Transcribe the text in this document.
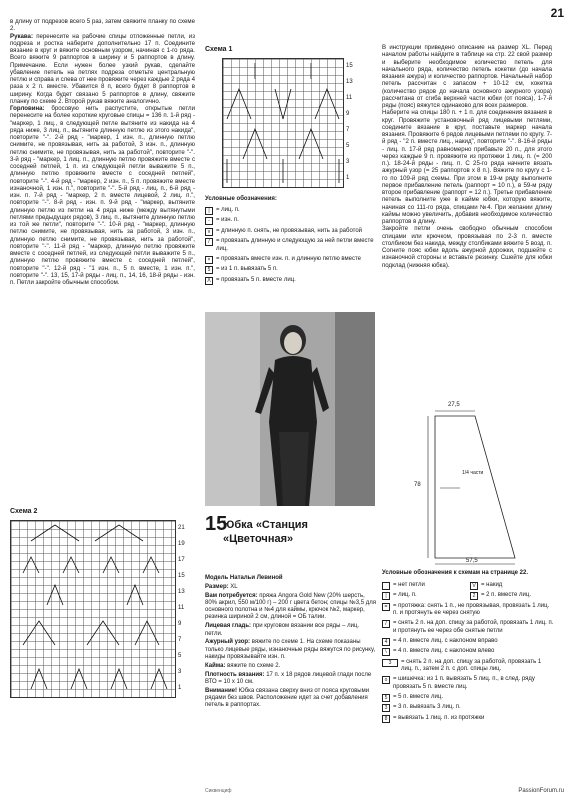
21

в длину от подрезов всего 5 раз, затем свяжите планку по схеме 2.

Рукава: перенесите на рабочие спицы отложенные петли, из подреза и ростка наберите дополнительно 17 п. Соедините вязание в круг и вяжите основным узором, начиная с 1-го ряда. Всего вяжите 9 раппортов в ширину и 5 раппортов в длину. Примечание. Если нужен более узкий рукав, сделайте убавление петель на петлях подреза отметьте центральную петлю и справа и слева от нее провяжите через каждые 2 ряда 4 раза х 2 п. вместе. Убавится 8 п, всего будет 8 раппортов в ширину. Когда будет связано 5 раппортов в длину, свяжите планку по схеме 2. Второй рукав вяжите аналогично.

Горловина: бросовую нить распустите, открытые петли перенесите на более короткие круговые спицы = 136 п. 1-й ряд - "маркер, 1 лиц., в следующей петле вытяните из накида на 4 ряда ниже, 3 лиц. п., вытяните длинную петлю из этого накида", повторите "-". 2-й ряд - "маркер, 1 изн. п., длинную петлю снимите, не провязывая, нить за работой, 3 изн. п., длинную петлю снимите, не провязывая, нить за работой", повторите "-". 3-й ряд - "маркер, 1 лиц. п., длинную петлю провяжите вместе с соседней петлей, 1 п. из следующей петли выважите 5 п., длинную петлю провяжите вместе с соседней петлей", повторите "-". 4-й ряд - "маркер, 2 изн. п., 5 п. провяжите вместе изнаночной, 1 изн. п.", повторите "-". 5-й ряд - лиц. п., 6-й ряд - изн. п. 7-й ряд - "маркер, 2 п. вместе лицевой, 2 лиц. п.", повторите "-". 8-й ряд - изн. п. 9-й ряд - "маркер, вытяните длинную петлю из петли на 4 ряда ниже (между вытянутыми петлями предыдущих рядов), 3 лиц. п., вытяните длинную петлю из той же петли", повторите "-". 10-й ряд - "маркер, длинную петлю снимите, не провязывая, нить за работой, 3 изн. п., длинную петлю снимите, не провязывая, нить за работой", повторите "-". 11-й ряд - "маркер, длинную петлю провяжите вместе с соседней петлей, из следующей петли выважите 5 п., длинную петлю провяжите вместе с соседней петлей", повторите "-". 12-й ряд - "1 изн. п., 5 п. вместе, 1 изн. п.", повторите "-". 13, 15, 17-й ряды - лиц. п., 14, 16, 18-й ряды - изн. п. Петли закройте обычным способом.

Схема 1
15
13
11
9
7
5
3
1
Условные обозначения:
|	= лиц. п.
-	= изн. п.
v = длинную п. снять, не провязывая, нить за работой
/	= провязать длинную и следующую за ней петли вместе лиц.
× = провязать вместе изн. п. и длинную петлю вместе
5 = из 1 п. вывязать 5 п.
Λ = провязать 5 п. вместе лиц.
15
Юбка «Станция
«Цветочная»

Модель Натальи Левиной

Размер: XL

Вам потребуется: пряжа Angora Gold New (20% шерсть, 80% акрил, 550 м/100 г) – 200 г цвета бетон; спицы №3,5 для основного полотна и №4 для каймы, крючок №2, маркер, резинка шириной 2 см, длиной = ОБ талии.

Лицевая гладь: при круговом вязании все ряды – лиц. петли.

Ажурный узор: вяжите по схеме 1. На схеме показаны только лицевые ряды, изнаночные ряды вяжутся по рисунку, накиды провязывайте изн. п.

Кайма: вяжите по схеме 2.

Плотность вязания: 17 п. x 18 рядов лицевой глади после ВТО = 10 x 10 см.

Внимание! Юбка связана сверху вниз от пояса круговыми рядами без швов. Расположение идет за счет добавления петель в раппортах.

Схема 2
21
19
17
15
13
11
9
7
5
3
1

В инструкции приведено описание на размер XL. Перед началом работы найдите в таблице на стр. 22 свой размер и выберите необходимое количество петель для начального ряда, количество петель кокетки (до начала вязания ажура) и количество раппортов. Начальный набор петель рассчитан с запасом + 10-12 см, кокетка (количество рядов до начала основного ажурного узора) рассчитана от сгиба верхней части юбки (от пояса), 1-7-й ряды (пояс) вяжутся одинаково для всех размеров.

Наберите на спицы 180 п. + 1 п. для соединения вязания в круг. Провяжите установочный ряд лицевыми петлями, соедините вязание в круг, поставьте маркер начала вязания. Провяжите 6 рядов лицевыми петлями по кругу. 7-й ряд - "2 п. вместе лиц., накид", повторите "-". 8-16-й ряды - лиц. п. 17-й ряд равномерно прибавьте 20 п., для этого через каждые 9 п. провяжите из протяжки 1 лиц. п. (= 200 п.). 18-24-й ряды - лиц. п. С 25-го ряда начните вязать ажурный узор (= 25 раппортов x 8 п.). Вяжите по кругу с 1-го по 109-й ряд схемы. При этом в 19-м ряду выполните первое прибавление петель (раппорт = 10 п.), в 59-м ряду второе прибавление (раппорт = 12 п.). Третье прибавление петель выполните уже в кайме юбки, которую вяжите, начиная со 111-го ряда, спицами №4. При желании длину каймы можно увеличить, добавив необходимое количество раппортов в длину.

Закройте петли очень свободно обычным способом спицами или крючком, провязывая по 2-3 п. вместе столбиком без накида, между столбиками вяжите 5 возд. п. Согните пояс юбки вдоль ажурной дорожки, подшейте с изнаночной стороны и вставьте резинку. Сшейте для юбки подклад (нижняя юбка).

27,5
78
1/4 части
57,5
Условные обозначения к схемам на странице 22.
= нет петли	V = накид
|	= лиц. п.	2 = 2 п. вместе лиц.
= = протяжка: снять 1 п., не провязывая, провязать 1 лиц. п. и протянуть ее через снятую
/	= снять 2 п. на доп. спицу за работой, провязать 1 лиц. п. и протянуть ее через обе снятые петли
4 = 4 п. вместе лиц. с наклоном вправо
\	= 4 п. вместе лиц. с наклоном влево
3	= снять 2 п. на доп. спицу за работой, провязать 1 лиц. п., затем 2 п. с доп. спицы лиц.
o = шишечка: из 1 п. вывязать 5 лиц. п., в след. ряду провязать 5 п. вместе лиц.
5 = 5 п. вместе лиц.
3 = 3 п. вывязать 3 лиц. п.
8 = вывязать 1 лиц. п. из протяжки
Сиквенциф	PassionForum.ru
